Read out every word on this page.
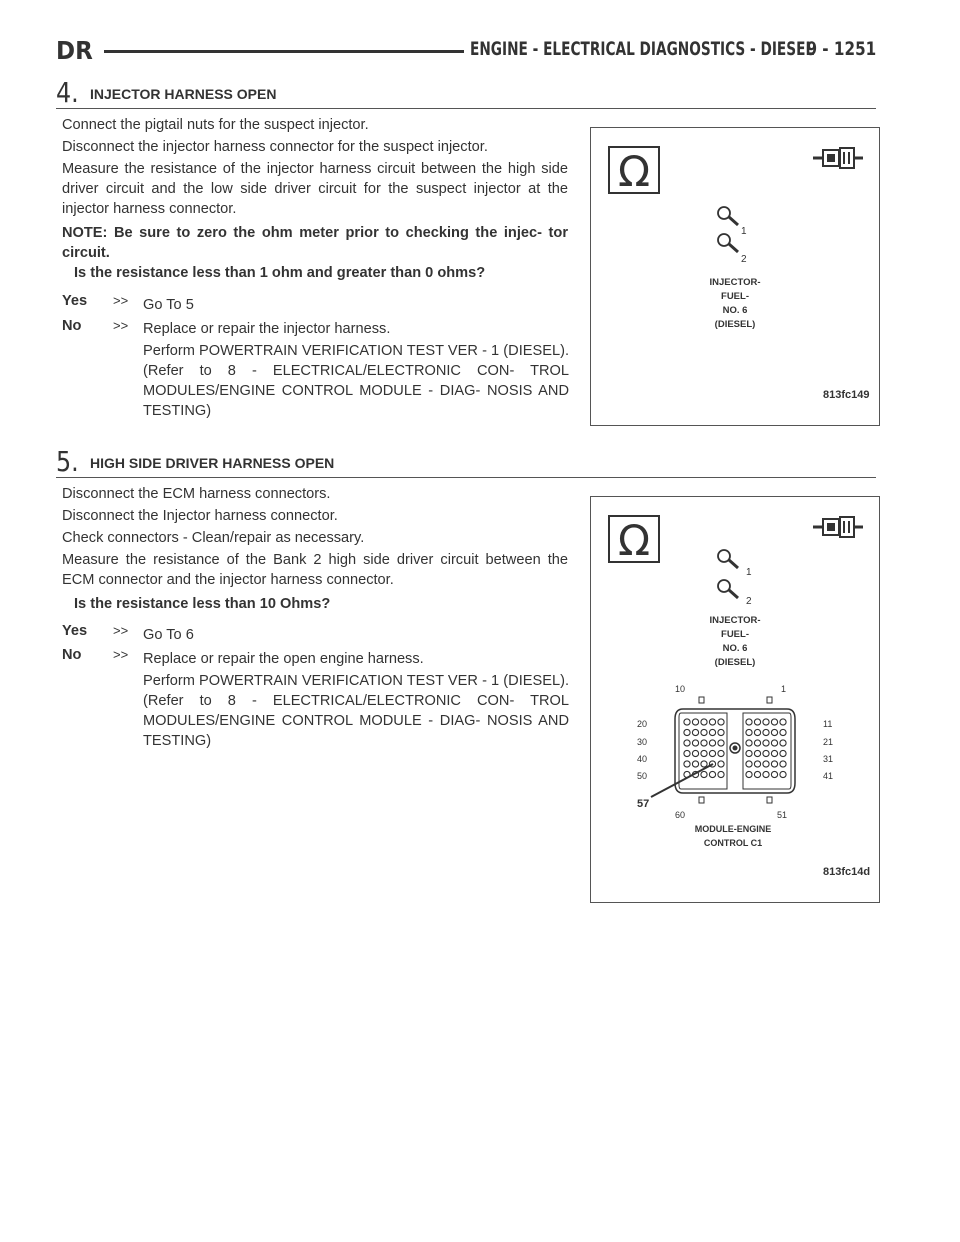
DR	ENGINE - ELECTRICAL DIAGNOSTICS - DIESEL
9 - 1251
4. INJECTOR HARNESS OPEN
Connect the pigtail nuts for the suspect injector.
Disconnect the injector harness connector for the suspect injector.
Measure the resistance of the injector harness circuit between the high side driver circuit and the low side driver circuit for the suspect injector at the injector harness connector.
NOTE: Be sure to zero the ohm meter prior to checking the injec- tor circuit.
Is the resistance less than 1 ohm and greater than 0 ohms?
Yes >> Go To 5
No >> Replace or repair the injector harness.
Perform POWERTRAIN VERIFICATION TEST VER - 1 (DIESEL). (Refer to 8 - ELECTRICAL/ELECTRONIC CON- TROL MODULES/ENGINE CONTROL MODULE - DIAG- NOSIS AND TESTING)
Ω
1
2
INJECTOR-
FUEL-
NO. 6
(DIESEL)
813fc149
5. HIGH SIDE DRIVER HARNESS OPEN
Disconnect the ECM harness connectors.
Disconnect the Injector harness connector.
Check connectors - Clean/repair as necessary.
Measure the resistance of the Bank 2 high side driver circuit between the ECM connector and the injector harness connector.
Is the resistance less than 10 Ohms?
Yes >> Go To 6
No >> Replace or repair the open engine harness.
Perform POWERTRAIN VERIFICATION TEST VER - 1 (DIESEL). (Refer to 8 - ELECTRICAL/ELECTRONIC CON- TROL MODULES/ENGINE CONTROL MODULE - DIAG- NOSIS AND TESTING)
Ω
1
2
INJECTOR-
FUEL-
NO. 6
(DIESEL)
10	1
20
30
40
50
11
21
31
41
60	51
57
MODULE-ENGINE
CONTROL C1
813fc14d
